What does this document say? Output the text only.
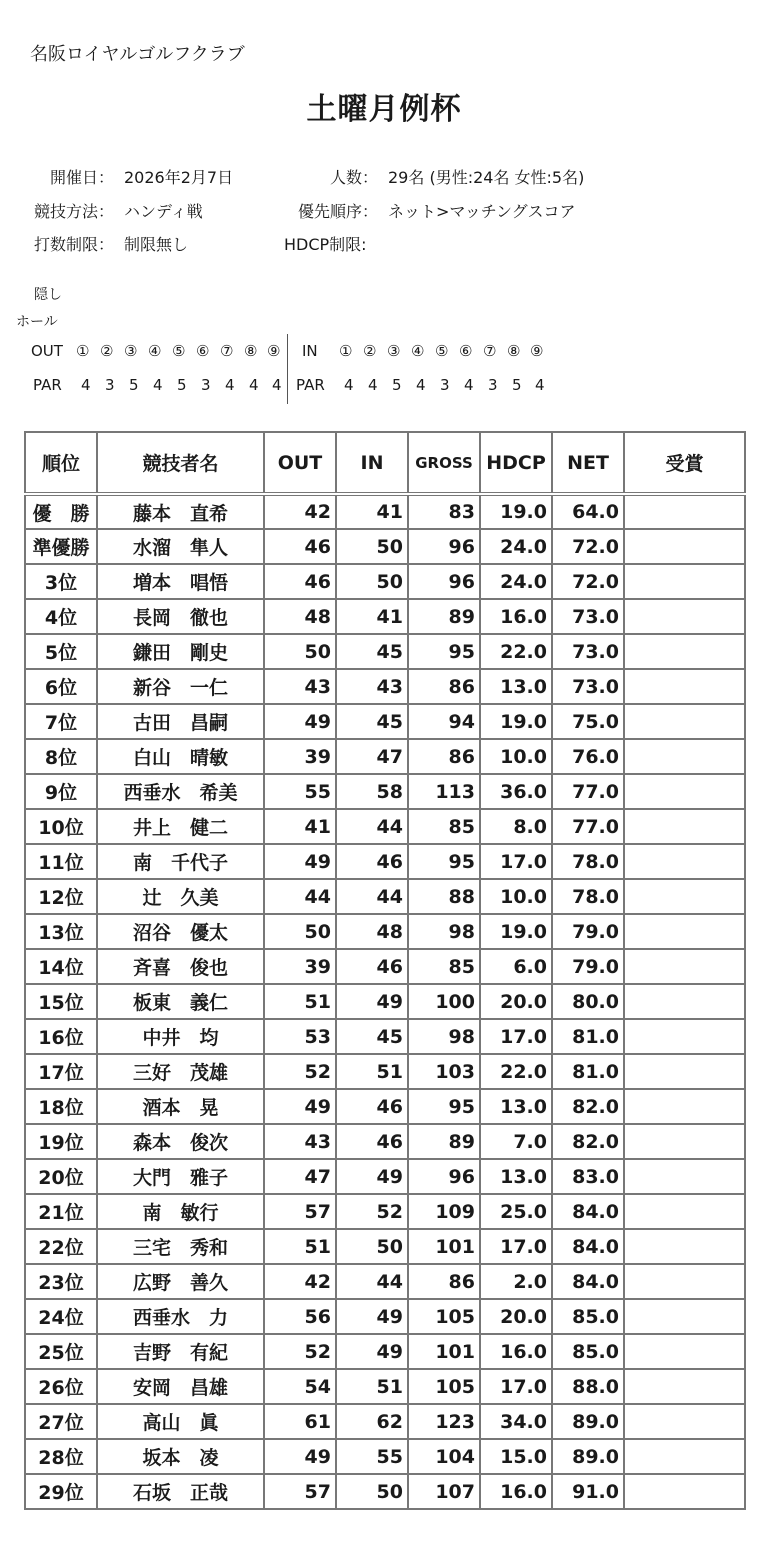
名阪ロイヤルゴルフクラブ
土曜月例杯
開催日： 2026年2月7日	人数： 29名 (男性:24名 女性:5名)
競技方法： ハンディ戦	優先順序： ネット>マッチングスコア
打数制限： 制限無し	HDCP制限:
隠し
ホール
OUT ① ② ③ ④ ⑤ ⑥ ⑦ ⑧ ⑨ IN ① ② ③ ④ ⑤ ⑥ ⑦ ⑧ ⑨
PAR 4 3 5 4 5 3 4 4 4 PAR 4 4 5 4 3 4 3 5 4
順位	競技者名	OUT	IN	GROSS	HDCP	NET	受賞
優　勝	藤本　直希	42	41	83	19.0	64.0	
準優勝	水溜　隼人	46	50	96	24.0	72.0	
3位	増本　唱悟	46	50	96	24.0	72.0	
4位	長岡　徹也	48	41	89	16.0	73.0	
5位	鎌田　剛史	50	45	95	22.0	73.0	
6位	新谷　一仁	43	43	86	13.0	73.0	
7位	古田　昌嗣	49	45	94	19.0	75.0	
8位	白山　晴敏	39	47	86	10.0	76.0	
9位	西垂水　希美	55	58	113	36.0	77.0	
10位	井上　健二	41	44	85	8.0	77.0	
11位	南　千代子	49	46	95	17.0	78.0	
12位	辻　久美	44	44	88	10.0	78.0	
13位	沼谷　優太	50	48	98	19.0	79.0	
14位	斉喜　俊也	39	46	85	6.0	79.0	
15位	板東　義仁	51	49	100	20.0	80.0	
16位	中井　均	53	45	98	17.0	81.0	
17位	三好　茂雄	52	51	103	22.0	81.0	
18位	酒本　晃	49	46	95	13.0	82.0	
19位	森本　俊次	43	46	89	7.0	82.0	
20位	大門　雅子	47	49	96	13.0	83.0	
21位	南　敏行	57	52	109	25.0	84.0	
22位	三宅　秀和	51	50	101	17.0	84.0	
23位	広野　善久	42	44	86	2.0	84.0	
24位	西垂水　力	56	49	105	20.0	85.0	
25位	吉野　有紀	52	49	101	16.0	85.0	
26位	安岡　昌雄	54	51	105	17.0	88.0	
27位	高山　眞	61	62	123	34.0	89.0	
28位	坂本　凌	49	55	104	15.0	89.0	
29位	石坂　正哉	57	50	107	16.0	91.0	
